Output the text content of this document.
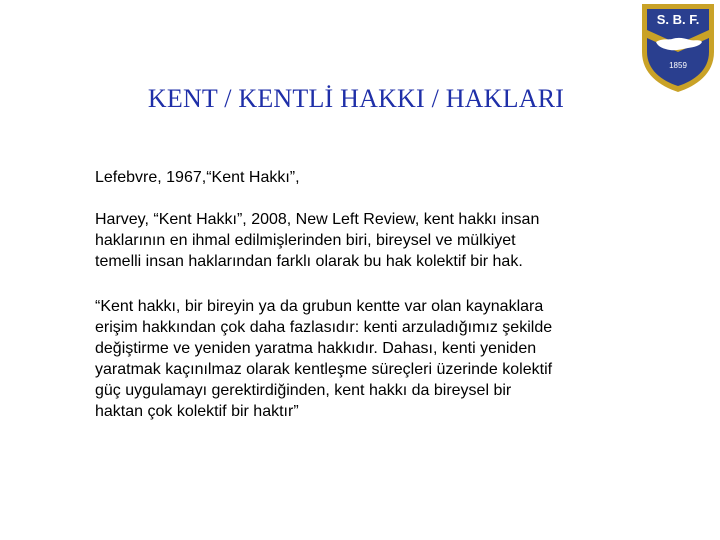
S. B. F.
1859
KENT / KENTLİ HAKKI / HAKLARI
Lefebvre, 1967,“Kent Hakkı”,
Harvey, “Kent Hakkı”, 2008, New Left Review, kent hakkı insan
haklarının en ihmal edilmişlerinden biri, bireysel ve mülkiyet
temelli insan haklarından farklı olarak bu hak kolektif bir hak.
“Kent hakkı, bir bireyin ya da grubun kentte var olan kaynaklara
erişim hakkından çok daha fazlasıdır: kenti arzuladığımız şekilde
değiştirme ve yeniden yaratma hakkıdır. Dahası, kenti yeniden
yaratmak kaçınılmaz olarak kentleşme süreçleri üzerinde kolektif
güç uygulamayı gerektirdiğinden, kent hakkı da bireysel bir
haktan çok kolektif bir haktır”
